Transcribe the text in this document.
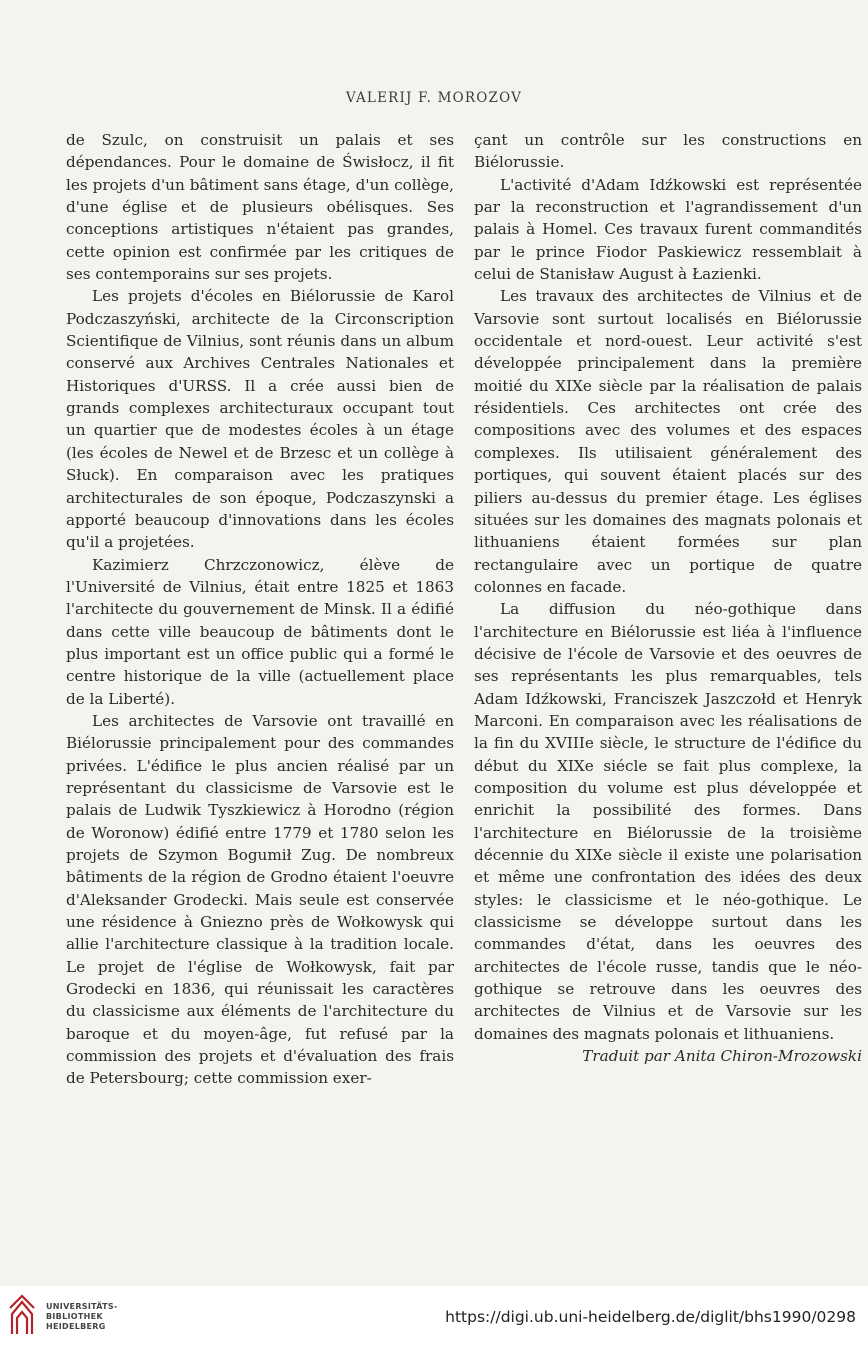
VALERIJ F. MOROZOV

de Szulc, on construisit un palais et ses dépendances. Pour le domaine de Świsłocz, il fit les projets d'un bâtiment sans étage, d'un collège, d'une église et de plusieurs obélisques. Ses conceptions artistiques n'étaient pas grandes, cette opinion est confirmée par les critiques de ses contemporains sur ses projets.

Les projets d'écoles en Biélorussie de Karol Podczaszyński, architecte de la Circonscription Scientifique de Vilnius, sont réunis dans un album conservé aux Archives Centrales Nationales et Historiques d'URSS. Il a crée aussi bien de grands complexes architecturaux occupant tout un quartier que de modestes écoles à un étage (les écoles de Newel et de Brzesc et un collège à Słuck). En comparaison avec les pratiques architecturales de son époque, Podczaszynski a apporté beaucoup d'innovations dans les écoles qu'il a projetées.

Kazimierz Chrzczonowicz, élève de l'Université de Vilnius, était entre 1825 et 1863 l'architecte du gouvernement de Minsk. Il a édifié dans cette ville beaucoup de bâtiments dont le plus important est un office public qui a formé le centre historique de la ville (actuellement place de la Liberté).

Les architectes de Varsovie ont travaillé en Biélorussie principalement pour des commandes privées. L'édifice le plus ancien réalisé par un représentant du classicisme de Varsovie est le palais de Ludwik Tyszkiewicz à Horodno (région de Woronow) édifié entre 1779 et 1780 selon les projets de Szymon Bogumił Zug. De nombreux bâtiments de la région de Grodno étaient l'oeuvre d'Aleksander Grodecki. Mais seule est conservée une résidence à Gniezno près de Wołkowysk qui allie l'architecture classique à la tradition locale. Le projet de l'église de Wołkowysk, fait par Grodecki en 1836, qui réunissait les caractères du classicisme aux éléments de l'architecture du baroque et du moyen-âge, fut refusé par la commission des projets et d'évaluation des frais de Petersbourg; cette commission exer-

çant un contrôle sur les constructions en Biélorussie.

L'activité d'Adam Idźkowski est représentée par la reconstruction et l'agrandissement d'un palais à Homel. Ces travaux furent commandités par le prince Fiodor Paskiewicz ressemblait à celui de Stanisław August à Łazienki.

Les travaux des architectes de Vilnius et de Varsovie sont surtout localisés en Biélorussie occidentale et nord-ouest. Leur activité s'est développée principalement dans la première moitié du XIXe siècle par la réalisation de palais résidentiels. Ces architectes ont crée des compositions avec des volumes et des espaces complexes. Ils utilisaient généralement des portiques, qui souvent étaient placés sur des piliers au-dessus du premier étage. Les églises situées sur les domaines des magnats polonais et lithuaniens étaient formées sur plan rectangulaire avec un portique de quatre colonnes en facade.

La diffusion du néo-gothique dans l'architecture en Biélorussie est liéa à l'influence décisive de l'école de Varsovie et des oeuvres de ses représentants les plus remarquables, tels Adam Idźkowski, Franciszek Jaszczołd et Henryk Marconi. En comparaison avec les réalisations de la fin du XVIIIe siècle, le structure de l'édifice du début du XIXe siécle se fait plus complexe, la composition du volume est plus développée et enrichit la possibilité des formes. Dans l'architecture en Biélorussie de la troisième décennie du XIXe siècle il existe une polarisation et même une confrontation des idées des deux styles: le classicisme et le néo-gothique. Le classicisme se développe surtout dans les commandes d'état, dans les oeuvres des architectes de l'école russe, tandis que le néo-gothique se retrouve dans les oeuvres des architectes de Vilnius et de Varsovie sur les domaines des magnats polonais et lithuaniens.

Traduit par Anita Chiron-Mrozowski

UNIVERSITÄTS-
BIBLIOTHEK
HEIDELBERG
https://digi.ub.uni-heidelberg.de/diglit/bhs1990/0298
